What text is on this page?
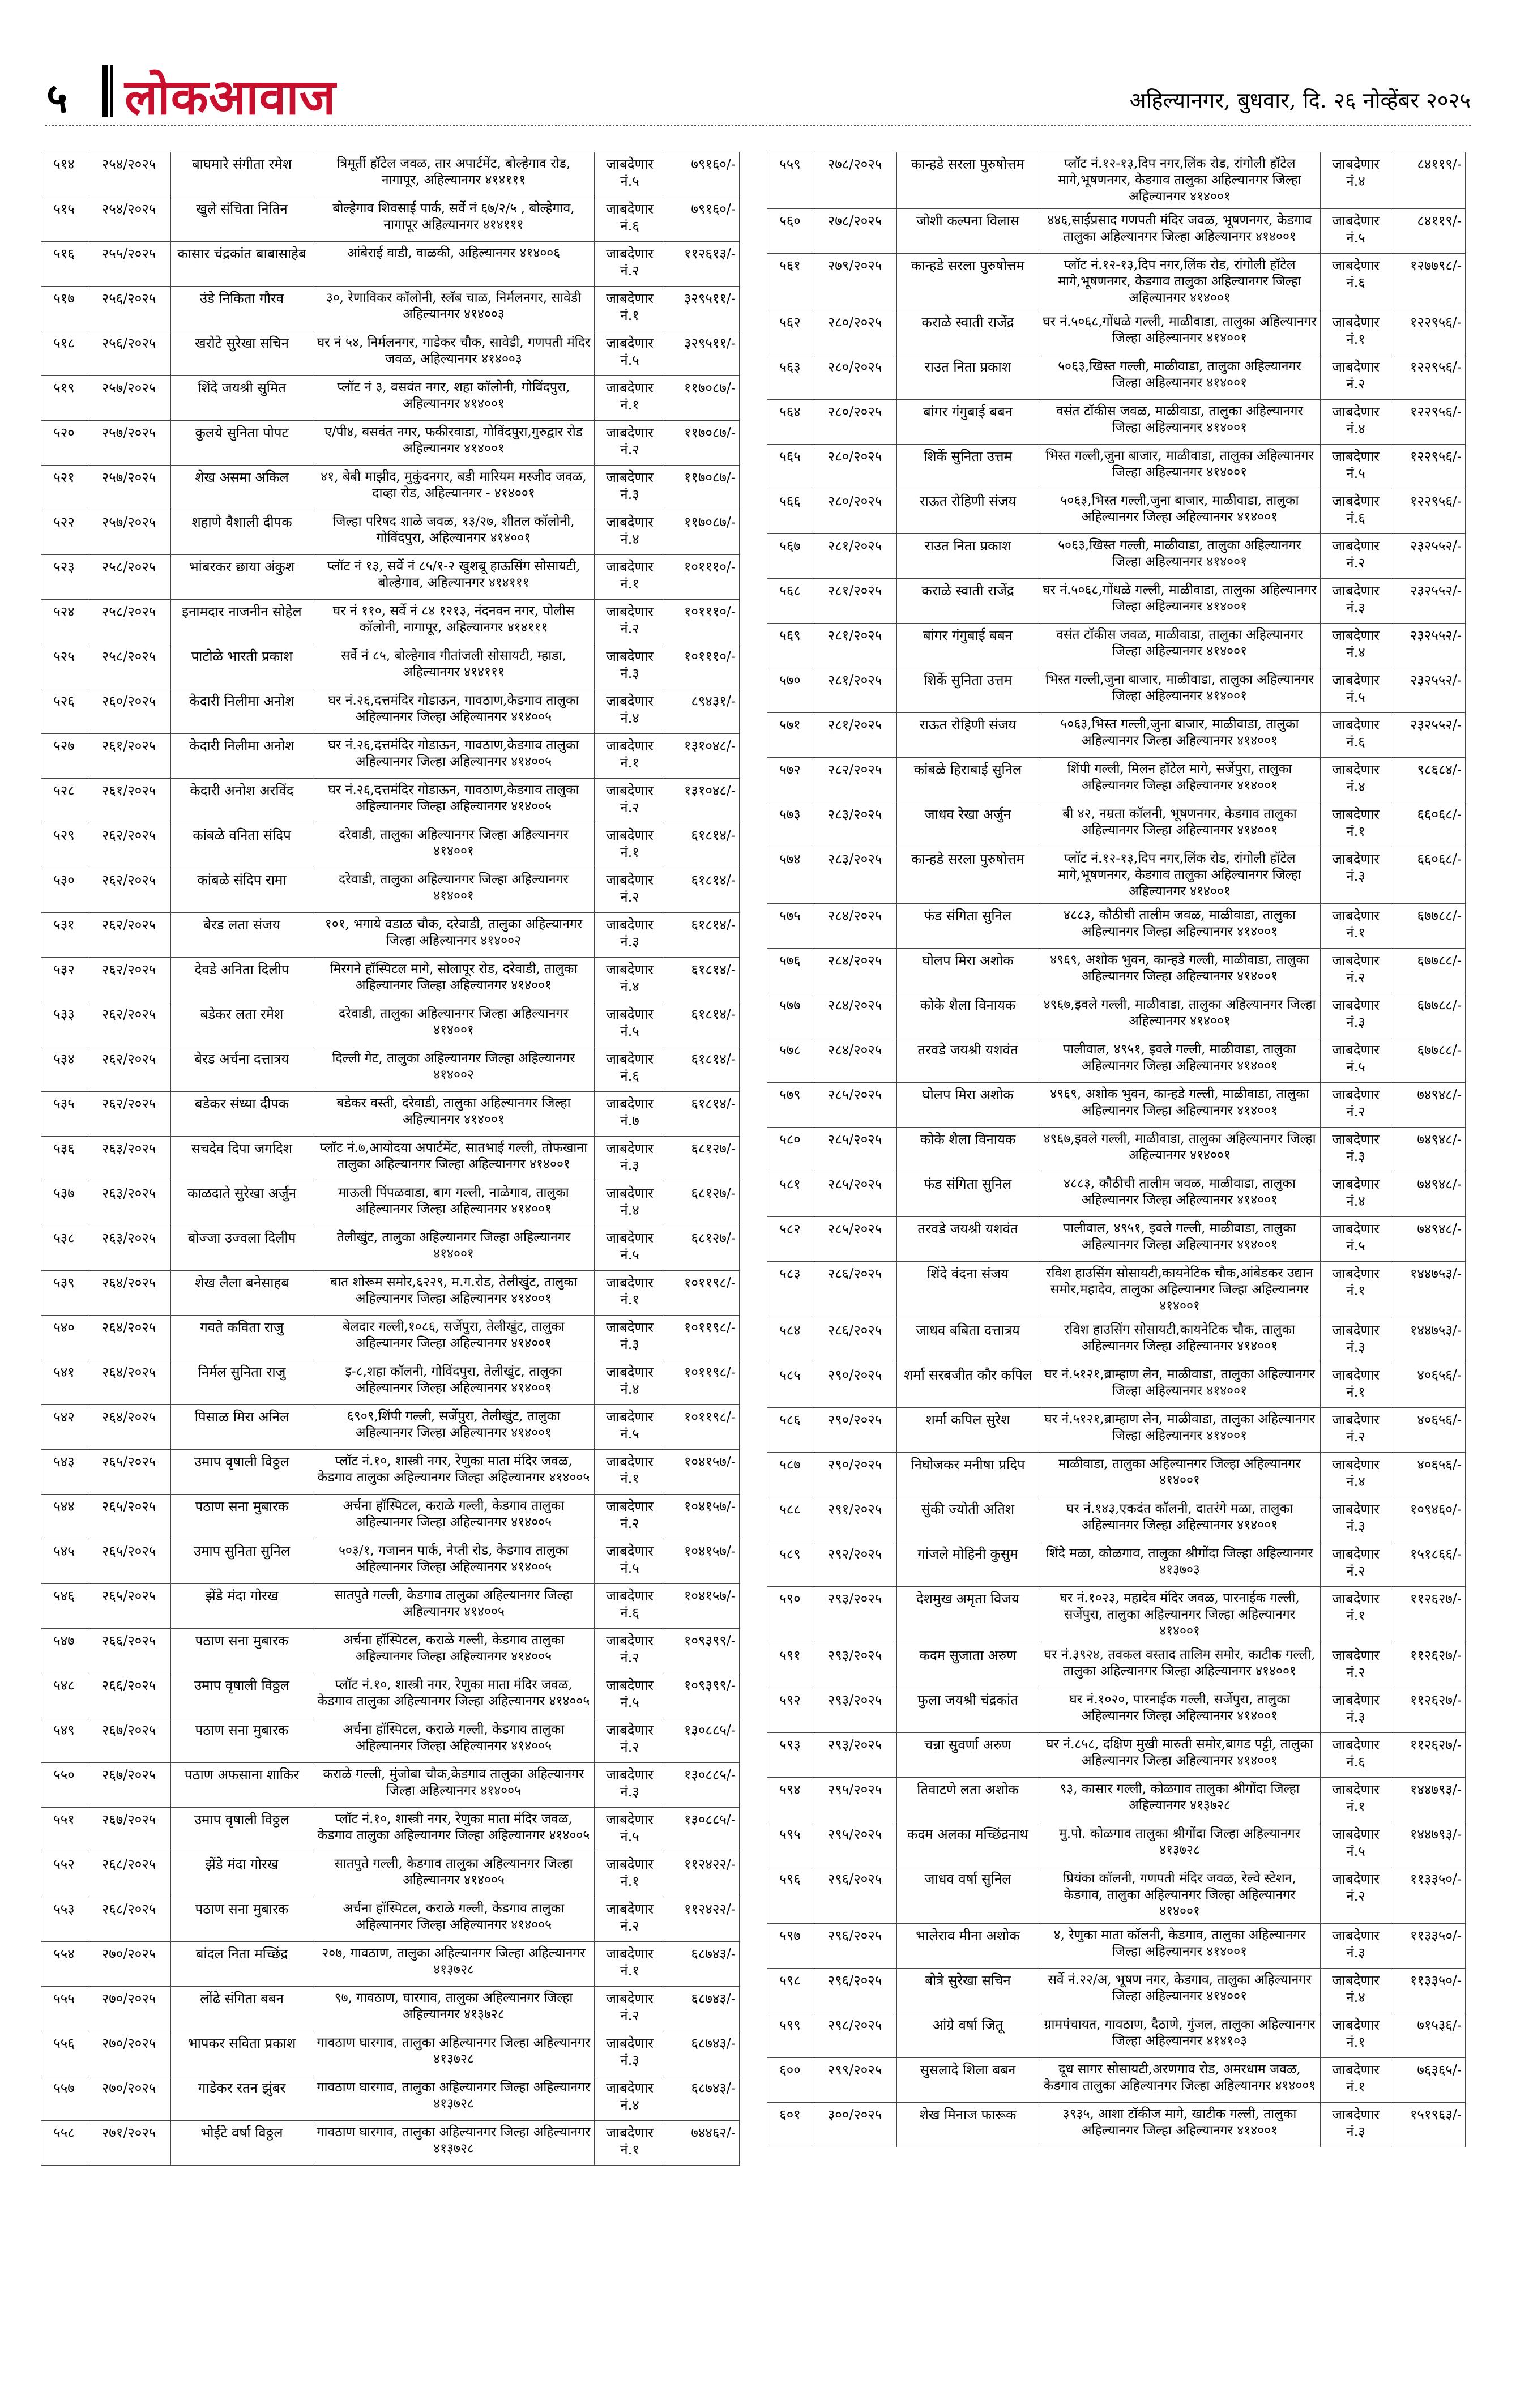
५ लोकआवाज	अहिल्यानगर, बुधवार, दि. २६ नोव्हेंबर २०२५
५१४	२५४/२०२५	बाघमारे संगीता रमेश	त्रिमूर्ती हॉटेल जवळ, तार अपार्टमेंट, बोल्हेगाव रोड, नागापूर, अहिल्यानगर ४१४१११	जाबदेणार नं.५	७९१६०/-
५१५	२५४/२०२५	खुले संचिता नितिन	बोल्हेगाव शिवसाई पार्क, सर्वे नं ६७/२/५ , बोल्हेगाव, नागापूर अहिल्यानगर ४१४१११	जाबदेणार नं.६	७९१६०/-
५१६	२५५/२०२५	कासार चंद्रकांत बाबासाहेब	आंबेराई वाडी, वाळकी, अहिल्यानगर ४१४००६	जाबदेणार नं.२	११२६१३/-
५१७	२५६/२०२५	उंडे निकिता गौरव	३०, रेणाविकर कॉलोनी, स्लॅब चाळ, निर्मलनगर, सावेडी अहिल्यानगर ४१४००३	जाबदेणार नं.१	३२९५११/-
५१८	२५६/२०२५	खरोटे सुरेखा सचिन	घर नं ५४, निर्मलनगर, गाडेकर चौक, सावेडी, गणपती मंदिर जवळ, अहिल्यानगर ४१४००३	जाबदेणार नं.५	३२९५११/-
५१९	२५७/२०२५	शिंदे जयश्री सुमित	प्लॉट नं ३, वसवंत नगर, शहा कॉलोनी, गोविंदपुरा, अहिल्यानगर ४१४००१	जाबदेणार नं.१	११७०८७/-
५२०	२५७/२०२५	कुलये सुनिता पोपट	ए/पी४, बसवंत नगर, फकीरवाडा, गोविंदपुरा,गुरुद्वार रोड अहिल्यानगर ४१४००१	जाबदेणार नं.२	११७०८७/-
५२१	२५७/२०२५	शेख असमा अकिल	४१, बेबी माझीद, मुकुंदनगर, बडी मारियम मस्जीद जवळ, दाव्हा रोड, अहिल्यानगर - ४१४००१	जाबदेणार नं.३	११७०८७/-
५२२	२५७/२०२५	शहाणे वैशाली दीपक	जिल्हा परिषद शाळे जवळ, १३/२७, शीतल कॉलोनी, गोविंदपुरा, अहिल्यानगर ४१४००१	जाबदेणार नं.४	११७०८७/-
५२३	२५८/२०२५	भांबरकर छाया अंकुश	प्लॉट नं १३, सर्वे नं ८५/१-२ खुशबू हाऊसिंग सोसायटी, बोल्हेगाव, अहिल्यानगर ४१४१११	जाबदेणार नं.१	१०१११०/-
५२४	२५८/२०२५	इनामदार नाजनीन सोहेल	घर नं ११०, सर्वे नं ८४ १२१३, नंदनवन नगर, पोलीस कॉलोनी, नागापूर, अहिल्यानगर ४१४१११	जाबदेणार नं.२	१०१११०/-
५२५	२५८/२०२५	पाटोळे भारती प्रकाश	सर्वे नं ८५, बोल्हेगाव गीतांजली सोसायटी, म्हाडा, अहिल्यानगर ४१४१११	जाबदेणार नं.३	१०१११०/-
५२६	२६०/२०२५	केदारी निलीमा अनोश	घर नं.२६,दत्तमंदिर गोडाऊन, गावठाण,केडगाव तालुका अहिल्यानगर जिल्हा अहिल्यानगर ४१४००५	जाबदेणार नं.४	८९४३१/-
५२७	२६१/२०२५	केदारी निलीमा अनोश	घर नं.२६,दत्तमंदिर गोडाऊन, गावठाण,केडगाव तालुका अहिल्यानगर जिल्हा अहिल्यानगर ४१४००५	जाबदेणार नं.१	१३१०४८/-
५२८	२६१/२०२५	केदारी अनोश अरविंद	घर नं.२६,दत्तमंदिर गोडाऊन, गावठाण,केडगाव तालुका अहिल्यानगर जिल्हा अहिल्यानगर ४१४००५	जाबदेणार नं.२	१३१०४८/-
५२९	२६२/२०२५	कांबळे वनिता संदिप	दरेवाडी, तालुका अहिल्यानगर जिल्हा अहिल्यानगर ४१४००१	जाबदेणार नं.१	६१८१४/-
५३०	२६२/२०२५	कांबळे संदिप रामा	दरेवाडी, तालुका अहिल्यानगर जिल्हा अहिल्यानगर ४१४००१	जाबदेणार नं.२	६१८१४/-
५३१	२६२/२०२५	बेरड लता संजय	१०१, भगाये वडाळ चौक, दरेवाडी, तालुका अहिल्यानगर जिल्हा अहिल्यानगर ४१४००२	जाबदेणार नं.३	६१८१४/-
५३२	२६२/२०२५	देवडे अनिता दिलीप	मिरगने हॉस्पिटल मागे, सोलापूर रोड, दरेवाडी, तालुका अहिल्यानगर जिल्हा अहिल्यानगर ४१४००१	जाबदेणार नं.४	६१८१४/-
५३३	२६२/२०२५	बडेकर लता रमेश	दरेवाडी, तालुका अहिल्यानगर जिल्हा अहिल्यानगर ४१४००१	जाबदेणार नं.५	६१८१४/-
५३४	२६२/२०२५	बेरड अर्चना दत्तात्रय	दिल्ली गेट, तालुका अहिल्यानगर जिल्हा अहिल्यानगर ४१४००२	जाबदेणार नं.६	६१८१४/-
५३५	२६२/२०२५	बडेकर संध्या दीपक	बडेकर वस्ती, दरेवाडी, तालुका अहिल्यानगर जिल्हा अहिल्यानगर ४१४००१	जाबदेणार नं.७	६१८१४/-
५३६	२६३/२०२५	सचदेव दिपा जगदिश	प्लॉट नं.७,आयोदया अपार्टमेंट, सातभाई गल्ली, तोफखाना तालुका अहिल्यानगर जिल्हा अहिल्यानगर ४१४००१	जाबदेणार नं.३	६८१२७/-
५३७	२६३/२०२५	काळदाते सुरेखा अर्जुन	माऊली पिंपळवाडा, बाग गल्ली, नाळेगाव, तालुका अहिल्यानगर जिल्हा अहिल्यानगर ४१४००१	जाबदेणार नं.४	६८१२७/-
५३८	२६३/२०२५	बोज्जा उज्वला दिलीप	तेलीखुंट, तालुका अहिल्यानगर जिल्हा अहिल्यानगर ४१४००१	जाबदेणार नं.५	६८१२७/-
५३९	२६४/२०२५	शेख लैला बनेसाहब	बात शोरूम समोर,६२२९, म.ग.रोड, तेलीखुंट, तालुका अहिल्यानगर जिल्हा अहिल्यानगर ४१४००१	जाबदेणार नं.१	१०११९८/-
५४०	२६४/२०२५	गवते कविता राजु	बेलदार गल्ली,१०८६, सर्जेपुरा, तेलीखुंट, तालुका अहिल्यानगर जिल्हा अहिल्यानगर ४१४००१	जाबदेणार नं.३	१०११९८/-
५४१	२६४/२०२५	निर्मल सुनिता राजु	इ-८,शहा कॉलनी, गोविंदपुरा, तेलीखुंट, तालुका अहिल्यानगर जिल्हा अहिल्यानगर ४१४००१	जाबदेणार नं.४	१०११९८/-
५४२	२६४/२०२५	पिसाळ मिरा अनिल	६९०९,शिंपी गल्ली, सर्जेपुरा, तेलीखुंट, तालुका अहिल्यानगर जिल्हा अहिल्यानगर ४१४००१	जाबदेणार नं.५	१०११९८/-
५४३	२६५/२०२५	उमाप वृषाली विठ्ठल	प्लॉट नं.१०, शास्त्री नगर, रेणुका माता मंदिर जवळ, केडगाव तालुका अहिल्यानगर जिल्हा अहिल्यानगर ४१४००५	जाबदेणार नं.१	१०४१५७/-
५४४	२६५/२०२५	पठाण सना मुबारक	अर्चना हॉस्पिटल, कराळे गल्ली, केडगाव तालुका अहिल्यानगर जिल्हा अहिल्यानगर ४१४००५	जाबदेणार नं.२	१०४१५७/-
५४५	२६५/२०२५	उमाप सुनिता सुनिल	५०३/१, गजानन पार्क, नेप्ती रोड, केडगाव तालुका अहिल्यानगर जिल्हा अहिल्यानगर ४१४००५	जाबदेणार नं.५	१०४१५७/-
५४६	२६५/२०२५	झेंडे मंदा गोरख	सातपुते गल्ली, केडगाव तालुका अहिल्यानगर जिल्हा अहिल्यानगर ४१४००५	जाबदेणार नं.६	१०४१५७/-
५४७	२६६/२०२५	पठाण सना मुबारक	अर्चना हॉस्पिटल, कराळे गल्ली, केडगाव तालुका अहिल्यानगर जिल्हा अहिल्यानगर ४१४००५	जाबदेणार नं.२	१०९३९९/-
५४८	२६६/२०२५	उमाप वृषाली विठ्ठल	प्लॉट नं.१०, शास्त्री नगर, रेणुका माता मंदिर जवळ, केडगाव तालुका अहिल्यानगर जिल्हा अहिल्यानगर ४१४००५	जाबदेणार नं.५	१०९३९९/-
५४९	२६७/२०२५	पठाण सना मुबारक	अर्चना हॉस्पिटल, कराळे गल्ली, केडगाव तालुका अहिल्यानगर जिल्हा अहिल्यानगर ४१४००५	जाबदेणार नं.२	१३०८८५/-
५५०	२६७/२०२५	पठाण अफसाना शाकिर	कराळे गल्ली, मुंजोबा चौक,केडगाव तालुका अहिल्यानगर जिल्हा अहिल्यानगर ४१४००५	जाबदेणार नं.३	१३०८८५/-
५५१	२६७/२०२५	उमाप वृषाली विठ्ठल	प्लॉट नं.१०, शास्त्री नगर, रेणुका माता मंदिर जवळ, केडगाव तालुका अहिल्यानगर जिल्हा अहिल्यानगर ४१४००५	जाबदेणार नं.५	१३०८८५/-
५५२	२६८/२०२५	झेंडे मंदा गोरख	सातपुते गल्ली, केडगाव तालुका अहिल्यानगर जिल्हा अहिल्यानगर ४१४००५	जाबदेणार नं.१	११२४२२/-
५५३	२६८/२०२५	पठाण सना मुबारक	अर्चना हॉस्पिटल, कराळे गल्ली, केडगाव तालुका अहिल्यानगर जिल्हा अहिल्यानगर ४१४००५	जाबदेणार नं.२	११२४२२/-
५५४	२७०/२०२५	बांदल निता मच्छिंद्र	२०७, गावठाण, तालुका अहिल्यानगर जिल्हा अहिल्यानगर ४१३७२८	जाबदेणार नं.१	६८७४३/-
५५५	२७०/२०२५	लोंढे संगिता बबन	९७, गावठाण, घारगाव, तालुका अहिल्यानगर जिल्हा अहिल्यानगर ४१३७२८	जाबदेणार नं.२	६८७४३/-
५५६	२७०/२०२५	भापकर सविता प्रकाश	गावठाण घारगाव, तालुका अहिल्यानगर जिल्हा अहिल्यानगर ४१३७२८	जाबदेणार नं.३	६८७४३/-
५५७	२७०/२०२५	गाडेकर रतन झुंबर	गावठाण घारगाव, तालुका अहिल्यानगर जिल्हा अहिल्यानगर ४१३७२८	जाबदेणार नं.४	६८७४३/-
५५८	२७१/२०२५	भोईटे वर्षा विठ्ठल	गावठाण घारगाव, तालुका अहिल्यानगर जिल्हा अहिल्यानगर ४१३७२८	जाबदेणार नं.१	७४४६२/-
५५९	२७८/२०२५	कान्हडे सरला पुरुषोत्तम	प्लॉट नं.१२-१३,दिप नगर,लिंक रोड, रांगोली हॉटेल मागे,भूषणनगर, केडगाव तालुका अहिल्यानगर जिल्हा अहिल्यानगर ४१४००१	जाबदेणार नं.४	८४११९/-
५६०	२७८/२०२५	जोशी कल्पना विलास	४४६,साईप्रसाद गणपती मंदिर जवळ, भूषणनगर, केडगाव तालुका अहिल्यानगर जिल्हा अहिल्यानगर ४१४००१	जाबदेणार नं.५	८४११९/-
५६१	२७९/२०२५	कान्हडे सरला पुरुषोत्तम	प्लॉट नं.१२-१३,दिप नगर,लिंक रोड, रांगोली हॉटेल मागे,भूषणनगर, केडगाव तालुका अहिल्यानगर जिल्हा अहिल्यानगर ४१४००१	जाबदेणार नं.६	१२७७९८/-
५६२	२८०/२०२५	कराळे स्वाती राजेंद्र	घर नं.५०६८,गोंधळे गल्ली, माळीवाडा, तालुका अहिल्यानगर जिल्हा अहिल्यानगर ४१४००१	जाबदेणार नं.१	१२२९५६/-
५६३	२८०/२०२५	राउत निता प्रकाश	५०६३,खिस्त गल्ली, माळीवाडा, तालुका अहिल्यानगर जिल्हा अहिल्यानगर ४१४००१	जाबदेणार नं.२	१२२९५६/-
५६४	२८०/२०२५	बांगर गंगुबाई बबन	वसंत टॉकीस जवळ, माळीवाडा, तालुका अहिल्यानगर जिल्हा अहिल्यानगर ४१४००१	जाबदेणार नं.४	१२२९५६/-
५६५	२८०/२०२५	शिर्के सुनिता उत्तम	भिस्त गल्ली,जुना बाजार, माळीवाडा, तालुका अहिल्यानगर जिल्हा अहिल्यानगर ४१४००१	जाबदेणार नं.५	१२२९५६/-
५६६	२८०/२०२५	राऊत रोहिणी संजय	५०६३,भिस्त गल्ली,जुना बाजार, माळीवाडा, तालुका अहिल्यानगर जिल्हा अहिल्यानगर ४१४००१	जाबदेणार नं.६	१२२९५६/-
५६७	२८१/२०२५	राउत निता प्रकाश	५०६३,खिस्त गल्ली, माळीवाडा, तालुका अहिल्यानगर जिल्हा अहिल्यानगर ४१४००१	जाबदेणार नं.२	२३२५५२/-
५६८	२८१/२०२५	कराळे स्वाती राजेंद्र	घर नं.५०६८,गोंधळे गल्ली, माळीवाडा, तालुका अहिल्यानगर जिल्हा अहिल्यानगर ४१४००१	जाबदेणार नं.३	२३२५५२/-
५६९	२८१/२०२५	बांगर गंगुबाई बबन	वसंत टॉकीस जवळ, माळीवाडा, तालुका अहिल्यानगर जिल्हा अहिल्यानगर ४१४००१	जाबदेणार नं.४	२३२५५२/-
५७०	२८१/२०२५	शिर्के सुनिता उत्तम	भिस्त गल्ली,जुना बाजार, माळीवाडा, तालुका अहिल्यानगर जिल्हा अहिल्यानगर ४१४००१	जाबदेणार नं.५	२३२५५२/-
५७१	२८१/२०२५	राऊत रोहिणी संजय	५०६३,भिस्त गल्ली,जुना बाजार, माळीवाडा, तालुका अहिल्यानगर जिल्हा अहिल्यानगर ४१४००१	जाबदेणार नं.६	२३२५५२/-
५७२	२८२/२०२५	कांबळे हिराबाई सुनिल	शिंपी गल्ली, मिलन हॉटेल मागे, सर्जेपुरा, तालुका अहिल्यानगर जिल्हा अहिल्यानगर ४१४००१	जाबदेणार नं.४	९८६८४/-
५७३	२८३/२०२५	जाधव रेखा अर्जुन	बी ४२, नम्रता कॉलनी, भूषणनगर, केडगाव तालुका अहिल्यानगर जिल्हा अहिल्यानगर ४१४००१	जाबदेणार नं.१	६६०६८/-
५७४	२८३/२०२५	कान्हडे सरला पुरुषोत्तम	प्लॉट नं.१२-१३,दिप नगर,लिंक रोड, रांगोली हॉटेल मागे,भूषणनगर, केडगाव तालुका अहिल्यानगर जिल्हा अहिल्यानगर ४१४००१	जाबदेणार नं.३	६६०६८/-
५७५	२८४/२०२५	फंड संगिता सुनिल	४८८३, कौठीची तालीम जवळ, माळीवाडा, तालुका अहिल्यानगर जिल्हा अहिल्यानगर ४१४००१	जाबदेणार नं.१	६७७८८/-
५७६	२८४/२०२५	घोलप मिरा अशोक	४९६९, अशोक भुवन, कान्हडे गल्ली, माळीवाडा, तालुका अहिल्यानगर जिल्हा अहिल्यानगर ४१४००१	जाबदेणार नं.२	६७७८८/-
५७७	२८४/२०२५	कोके शैला विनायक	४९६७,इवले गल्ली, माळीवाडा, तालुका अहिल्यानगर जिल्हा अहिल्यानगर ४१४००१	जाबदेणार नं.३	६७७८८/-
५७८	२८४/२०२५	तरवडे जयश्री यशवंत	पालीवाल, ४९५१, इवले गल्ली, माळीवाडा, तालुका अहिल्यानगर जिल्हा अहिल्यानगर ४१४००१	जाबदेणार नं.५	६७७८८/-
५७९	२८५/२०२५	घोलप मिरा अशोक	४९६९, अशोक भुवन, कान्हडे गल्ली, माळीवाडा, तालुका अहिल्यानगर जिल्हा अहिल्यानगर ४१४००१	जाबदेणार नं.२	७४९४८/-
५८०	२८५/२०२५	कोके शैला विनायक	४९६७,इवले गल्ली, माळीवाडा, तालुका अहिल्यानगर जिल्हा अहिल्यानगर ४१४००१	जाबदेणार नं.३	७४९४८/-
५८१	२८५/२०२५	फंड संगिता सुनिल	४८८३, कौठीची तालीम जवळ, माळीवाडा, तालुका अहिल्यानगर जिल्हा अहिल्यानगर ४१४००१	जाबदेणार नं.४	७४९४८/-
५८२	२८५/२०२५	तरवडे जयश्री यशवंत	पालीवाल, ४९५१, इवले गल्ली, माळीवाडा, तालुका अहिल्यानगर जिल्हा अहिल्यानगर ४१४००१	जाबदेणार नं.५	७४९४८/-
५८३	२८६/२०२५	शिंदे वंदना संजय	रविश हाउसिंग सोसायटी,कायनेटिक चौक,आंबेडकर उद्यान समोर,महादेव, तालुका अहिल्यानगर जिल्हा अहिल्यानगर ४१४००१	जाबदेणार नं.१	१४४७५३/-
५८४	२८६/२०२५	जाधव बबिता दत्तात्रय	रविश हाउसिंग सोसायटी,कायनेटिक चौक, तालुका अहिल्यानगर जिल्हा अहिल्यानगर ४१४००१	जाबदेणार नं.३	१४४७५३/-
५८५	२९०/२०२५	शर्मा सरबजीत कौर कपिल	घर नं.५१२१,ब्राम्हाण लेन, माळीवाडा, तालुका अहिल्यानगर जिल्हा अहिल्यानगर ४१४००१	जाबदेणार नं.१	४०६५६/-
५८६	२९०/२०२५	शर्मा कपिल सुरेश	घर नं.५१२१,ब्राम्हाण लेन, माळीवाडा, तालुका अहिल्यानगर जिल्हा अहिल्यानगर ४१४००१	जाबदेणार नं.२	४०६५६/-
५८७	२९०/२०२५	निघोजकर मनीषा प्रदिप	माळीवाडा, तालुका अहिल्यानगर जिल्हा अहिल्यानगर ४१४००१	जाबदेणार नं.४	४०६५६/-
५८८	२९१/२०२५	सुंकी ज्योती अतिश	घर नं.१४३,एकदंत कॉलनी, दातरंगे मळा, तालुका अहिल्यानगर जिल्हा अहिल्यानगर ४१४००१	जाबदेणार नं.३	१०९४६०/-
५८९	२९२/२०२५	गांजले मोहिनी कुसुम	शिंदे मळा, कोळगाव, तालुका श्रीगोंदा जिल्हा अहिल्यानगर ४१३७०३	जाबदेणार नं.२	१५१८६६/-
५९०	२९३/२०२५	देशमुख अमृता विजय	घर नं.१०२३, महादेव मंदिर जवळ, पारनाईक गल्ली, सर्जेपुरा, तालुका अहिल्यानगर जिल्हा अहिल्यानगर ४१४००१	जाबदेणार नं.१	११२६२७/-
५९१	२९३/२०२५	कदम सुजाता अरुण	घर नं.३९२४, तवकल वस्ताद तालिम समोर, काटीक गल्ली, तालुका अहिल्यानगर जिल्हा अहिल्यानगर ४१४००१	जाबदेणार नं.२	११२६२७/-
५९२	२९३/२०२५	फुला जयश्री चंद्रकांत	घर नं.१०२०, पारनाईक गल्ली, सर्जेपुरा, तालुका अहिल्यानगर जिल्हा अहिल्यानगर ४१४००१	जाबदेणार नं.३	११२६२७/-
५९३	२९३/२०२५	चन्ना सुवर्णा अरुण	घर नं.८५८, दक्षिण मुखी मारुती समोर,बागड पट्टी, तालुका अहिल्यानगर जिल्हा अहिल्यानगर ४१४००१	जाबदेणार नं.६	११२६२७/-
५९४	२९५/२०२५	तिवाटणे लता अशोक	९३, कासार गल्ली, कोळगाव तालुका श्रीगोंदा जिल्हा अहिल्यानगर ४१३७२८	जाबदेणार नं.१	१४४७९३/-
५९५	२९५/२०२५	कदम अलका मच्छिंद्रनाथ	मु.पो. कोळगाव तालुका श्रीगोंदा जिल्हा अहिल्यानगर ४१३७२८	जाबदेणार नं.५	१४४७९३/-
५९६	२९६/२०२५	जाधव वर्षा सुनिल	प्रियंका कॉलनी, गणपती मंदिर जवळ, रेल्वे स्टेशन, केडगाव, तालुका अहिल्यानगर जिल्हा अहिल्यानगर ४१४००१	जाबदेणार नं.२	११३३५०/-
५९७	२९६/२०२५	भालेराव मीना अशोक	४, रेणुका माता कॉलनी, केडगाव, तालुका अहिल्यानगर जिल्हा अहिल्यानगर ४१४००१	जाबदेणार नं.३	११३३५०/-
५९८	२९६/२०२५	बोत्रे सुरेखा सचिन	सर्वे नं.२२/अ, भूषण नगर, केडगाव, तालुका अहिल्यानगर जिल्हा अहिल्यानगर ४१४००१	जाबदेणार नं.४	११३३५०/-
५९९	२९८/२०२५	आंग्रे वर्षा जितू	ग्रामपंचायत, गावठाण, दैठाणे, गुंजल, तालुका अहिल्यानगर जिल्हा अहिल्यानगर ४१४१०३	जाबदेणार नं.१	७१५३६/-
६००	२९९/२०२५	सुसलादे शिला बबन	दूध सागर सोसायटी,अरणगाव रोड, अमरधाम जवळ, केडगाव तालुका अहिल्यानगर जिल्हा अहिल्यानगर ४१४००१	जाबदेणार नं.१	७६३६५/-
६०१	३००/२०२५	शेख मिनाज फारूक	३९३५, आशा टॉकीज मागे, खाटीक गल्ली, तालुका अहिल्यानगर जिल्हा अहिल्यानगर ४१४००१	जाबदेणार नं.३	१५१९६३/-
